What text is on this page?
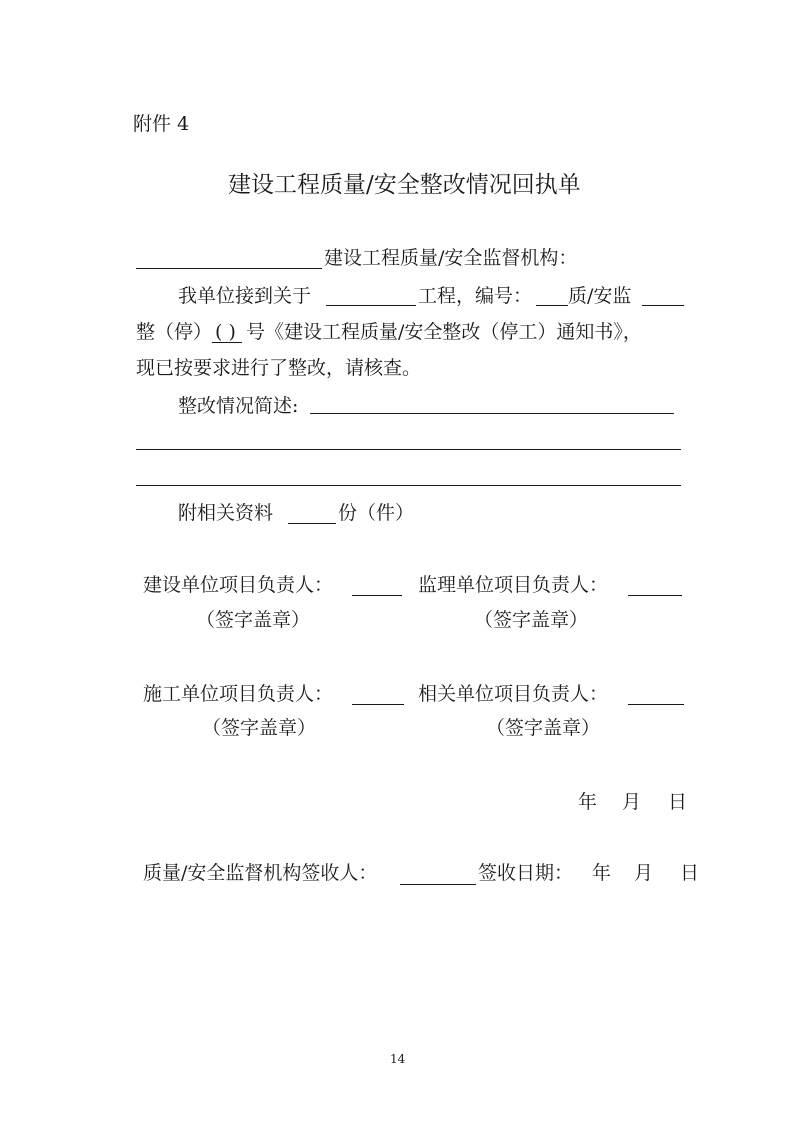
附件 4
建设工程质量/安全整改情况回执单
建设工程质量/安全监督机构：
我单位接到关于	工程，编号： 质/安监
整（停） ( ) 号《建设工程质量/安全整改（停工）通知书》，
现已按要求进行了整改，请核查。
整改情况简述:
附相关资料	份（件）
建设单位项目负责人：	监理单位项目负责人：
（签字盖章）	（签字盖章）
施工单位项目负责人：	相关单位项目负责人：
（签字盖章）	（签字盖章）
年 月 日
质量/安全监督机构签收人：	签收日期： 年 月 日
14
